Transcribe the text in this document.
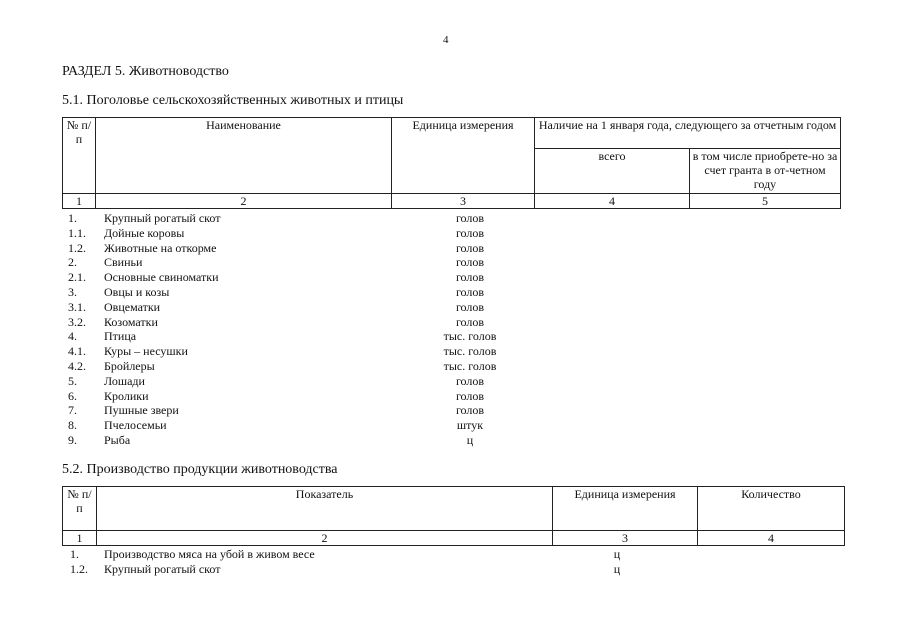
4
РАЗДЕЛ 5. Животноводство
5.1. Поголовье сельскохозяйственных животных и птицы
№ п/п	Наименование	Единица измерения	Наличие на 1 января года, следующего за отчетным годом	
			всего	в том числе приобрете-но за счет гранта в от-четном году
1	2	3	4	5
1. Крупный рогатый скот	голов
1.1. Дойные коровы	голов
1.2. Животные на откорме	голов
2. Свиньи	голов
2.1. Основные свиноматки	голов
3. Овцы и козы	голов
3.1. Овцематки	голов
3.2. Козоматки	голов
4. Птица	тыс. голов
4.1. Куры – несушки	тыс. голов
4.2. Бройлеры	тыс. голов
5. Лошади	голов
6. Кролики	голов
7. Пушные звери	голов
8. Пчелосемьи	штук
9. Рыба	ц
5.2. Производство продукции животноводства
№ п/п	Показатель	Единица измерения	Количество
1	2	3	4
1. Производство мяса на убой в живом весе	ц
1.2. Крупный рогатый скот	ц
